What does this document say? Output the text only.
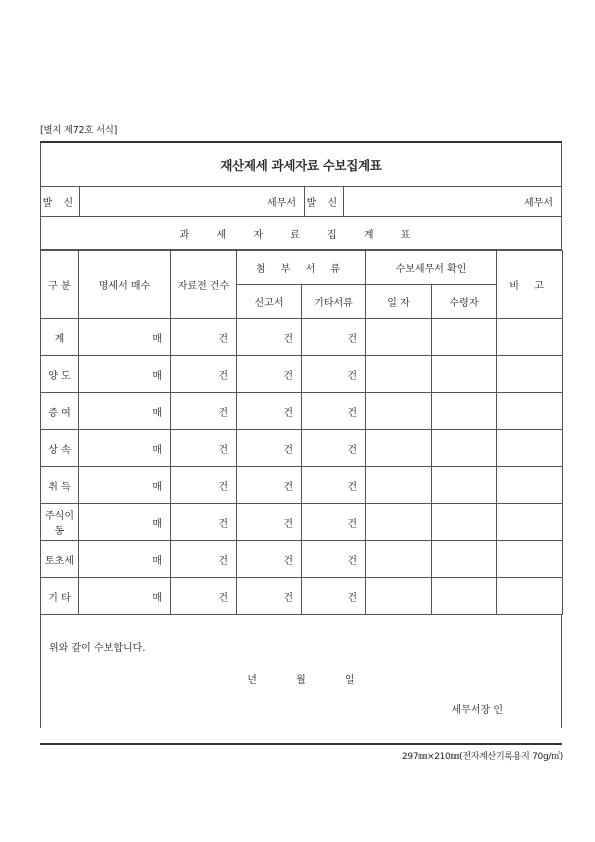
[별지 제72호 서식]
재산제세 과세자료 수보집계표
발 신	세무서 발 신	세무서
과 세 자 료 집 계 표
구 분	명세서 매수	자료전 건수	첨 부 서 류		수보세무서 확인		비 고
			신고서	기타서류	일 자	수령자	
계	매	건	건	건			
양 도	매	건	건	건			
증 여	매	건	건	건			
상 속	매	건	건	건			
취 득	매	건	건	건			
주식이동	매	건	건	건			
토초세	매	건	건	건			
기 타	매	건	건	건			
위와 같이 수보합니다.
년	월	일
세무서장 인
297㎜×210㎜(전자계산기록용지 70g/㎡)
